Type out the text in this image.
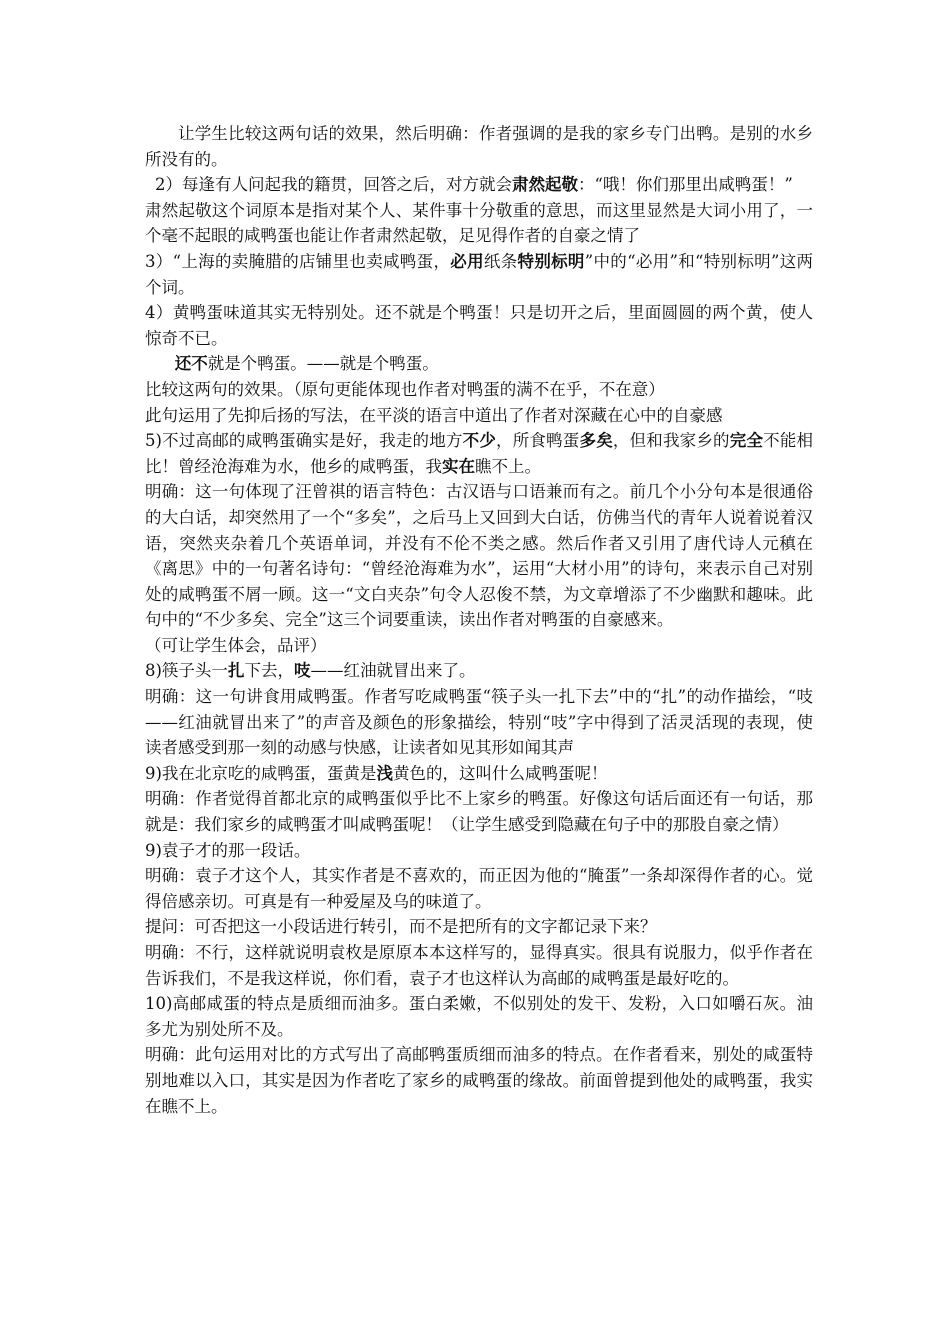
让学生比较这两句话的效果，然后明确：作者强调的是我的家乡专门出鸭。是别的水乡所没有的。

2）每逢有人问起我的籍贯，回答之后，对方就会肃然起敬：“哦！你们那里出咸鸭蛋！”

肃然起敬这个词原本是指对某个人、某件事十分敬重的意思，而这里显然是大词小用了，一个毫不起眼的咸鸭蛋也能让作者肃然起敬，足见得作者的自豪之情了

3）“上海的卖腌腊的店铺里也卖咸鸭蛋，必用纸条特别标明”中的“必用”和“特别标明”这两个词。

4）黄鸭蛋味道其实无特别处。还不就是个鸭蛋！只是切开之后，里面圆圆的两个黄，使人惊奇不已。

还不就是个鸭蛋。——就是个鸭蛋。

比较这两句的效果。（原句更能体现也作者对鸭蛋的满不在乎，不在意）

此句运用了先抑后扬的写法，在平淡的语言中道出了作者对深藏在心中的自豪感

5)不过高邮的咸鸭蛋确实是好，我走的地方不少，所食鸭蛋多矣，但和我家乡的完全不能相比！曾经沧海难为水，他乡的咸鸭蛋，我实在瞧不上。

明确：这一句体现了汪曾祺的语言特色：古汉语与口语兼而有之。前几个小分句本是很通俗的大白话，却突然用了一个“多矣”，之后马上又回到大白话，仿佛当代的青年人说着说着汉语，突然夹杂着几个英语单词，并没有不伦不类之感。然后作者又引用了唐代诗人元稹在《离思》中的一句著名诗句：“曾经沧海难为水”，运用“大材小用”的诗句，来表示自己对别处的咸鸭蛋不屑一顾。这一“文白夹杂”句令人忍俊不禁，为文章增添了不少幽默和趣味。此句中的“不少多矣、完全”这三个词要重读，读出作者对鸭蛋的自豪感来。

（可让学生体会，品评）

8)筷子头一扎下去，吱——红油就冒出来了。

明确：这一句讲食用咸鸭蛋。作者写吃咸鸭蛋“筷子头一扎下去”中的“扎”的动作描绘，“吱——红油就冒出来了”的声音及颜色的形象描绘，特别“吱”字中得到了活灵活现的表现，使读者感受到那一刻的动感与快感，让读者如见其形如闻其声

9)我在北京吃的咸鸭蛋，蛋黄是浅黄色的，这叫什么咸鸭蛋呢！

明确：作者觉得首都北京的咸鸭蛋似乎比不上家乡的鸭蛋。好像这句话后面还有一句话，那就是：我们家乡的咸鸭蛋才叫咸鸭蛋呢！（让学生感受到隐藏在句子中的那股自豪之情）

9)袁子才的那一段话。

明确：袁子才这个人，其实作者是不喜欢的，而正因为他的“腌蛋”一条却深得作者的心。觉得倍感亲切。可真是有一种爱屋及乌的味道了。

提问：可否把这一小段话进行转引，而不是把所有的文字都记录下来？

明确：不行，这样就说明袁枚是原原本本这样写的，显得真实。很具有说服力，似乎作者在告诉我们，不是我这样说，你们看，袁子才也这样认为高邮的咸鸭蛋是最好吃的。

10)高邮咸蛋的特点是质细而油多。蛋白柔嫩，不似别处的发干、发粉，入口如嚼石灰。油多尤为别处所不及。

明确：此句运用对比的方式写出了高邮鸭蛋质细而油多的特点。在作者看来，别处的咸蛋特别地难以入口，其实是因为作者吃了家乡的咸鸭蛋的缘故。前面曾提到他处的咸鸭蛋，我实在瞧不上。
